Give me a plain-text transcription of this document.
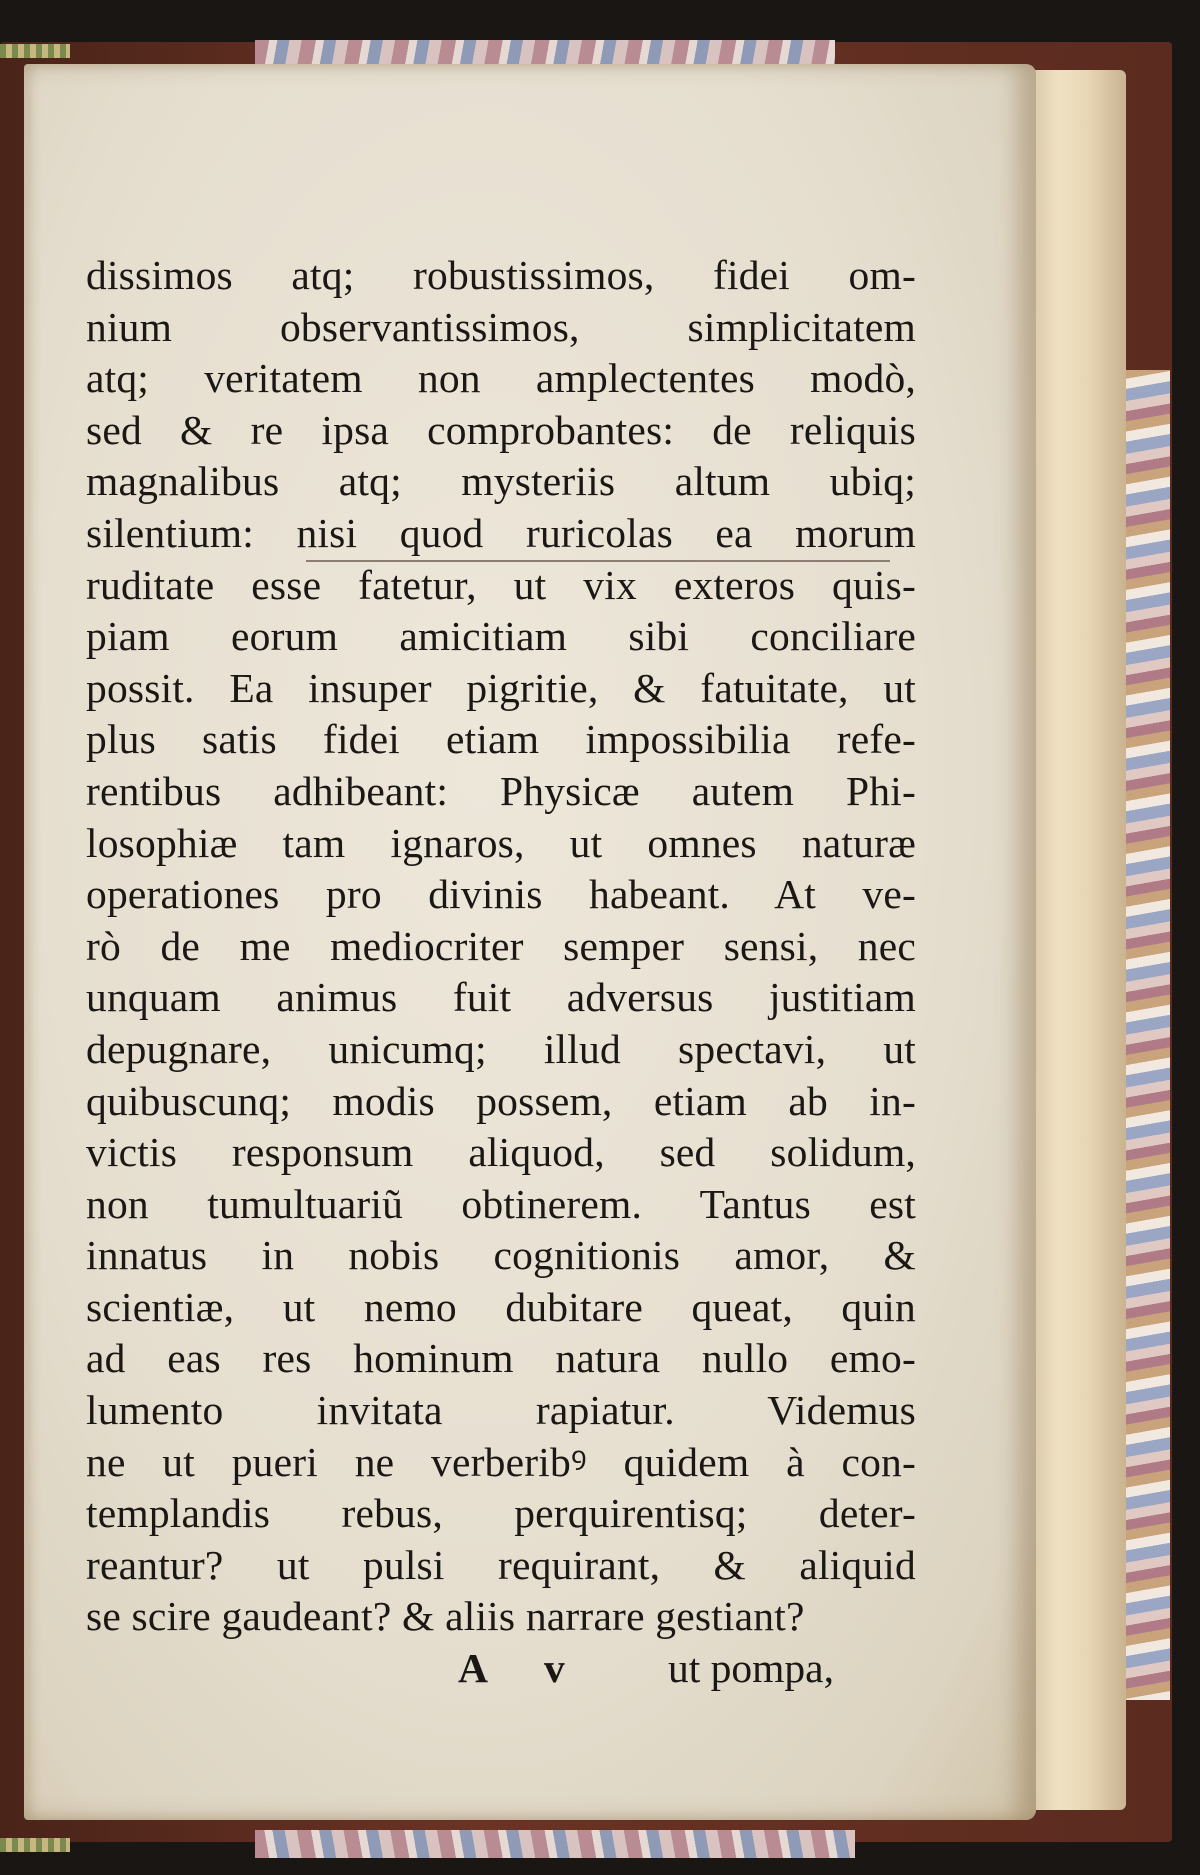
dissimos atq; robustissimos, fidei om-
nium observantissimos, simplicitatem
atq; veritatem non amplectentes modò,
sed & re ipsa comprobantes: de reliquis
magnalibus atq; mysteriis altum ubiq;
silentium: nisi quod ruricolas ea morum
ruditate esse fatetur, ut vix exteros quis-
piam eorum amicitiam sibi conciliare
possit. Ea insuper pigritie, & fatuitate, ut
plus satis fidei etiam impossibilia refe-
rentibus adhibeant: Physicæ autem Phi-
losophiæ tam ignaros, ut omnes naturæ
operationes pro divinis habeant. At ve-
rò de me mediocriter semper sensi, nec
unquam animus fuit adversus justitiam
depugnare, unicumq; illud spectavi, ut
quibuscunq; modis possem, etiam ab in-
victis responsum aliquod, sed solidum,
non tumultuariũ obtinerem. Tantus est
innatus in nobis cognitionis amor, &
scientiæ, ut nemo dubitare queat, quin
ad eas res hominum natura nullo emo-
lumento invitata rapiatur. Videmus
ne ut pueri ne verberibꝰ quidem à con-
templandis rebus, perquirentisq; deter-
reantur? ut pulsi requirant, & aliquid
se scire gaudeant? & aliis narrare gestiant?
A v ut pompa,
